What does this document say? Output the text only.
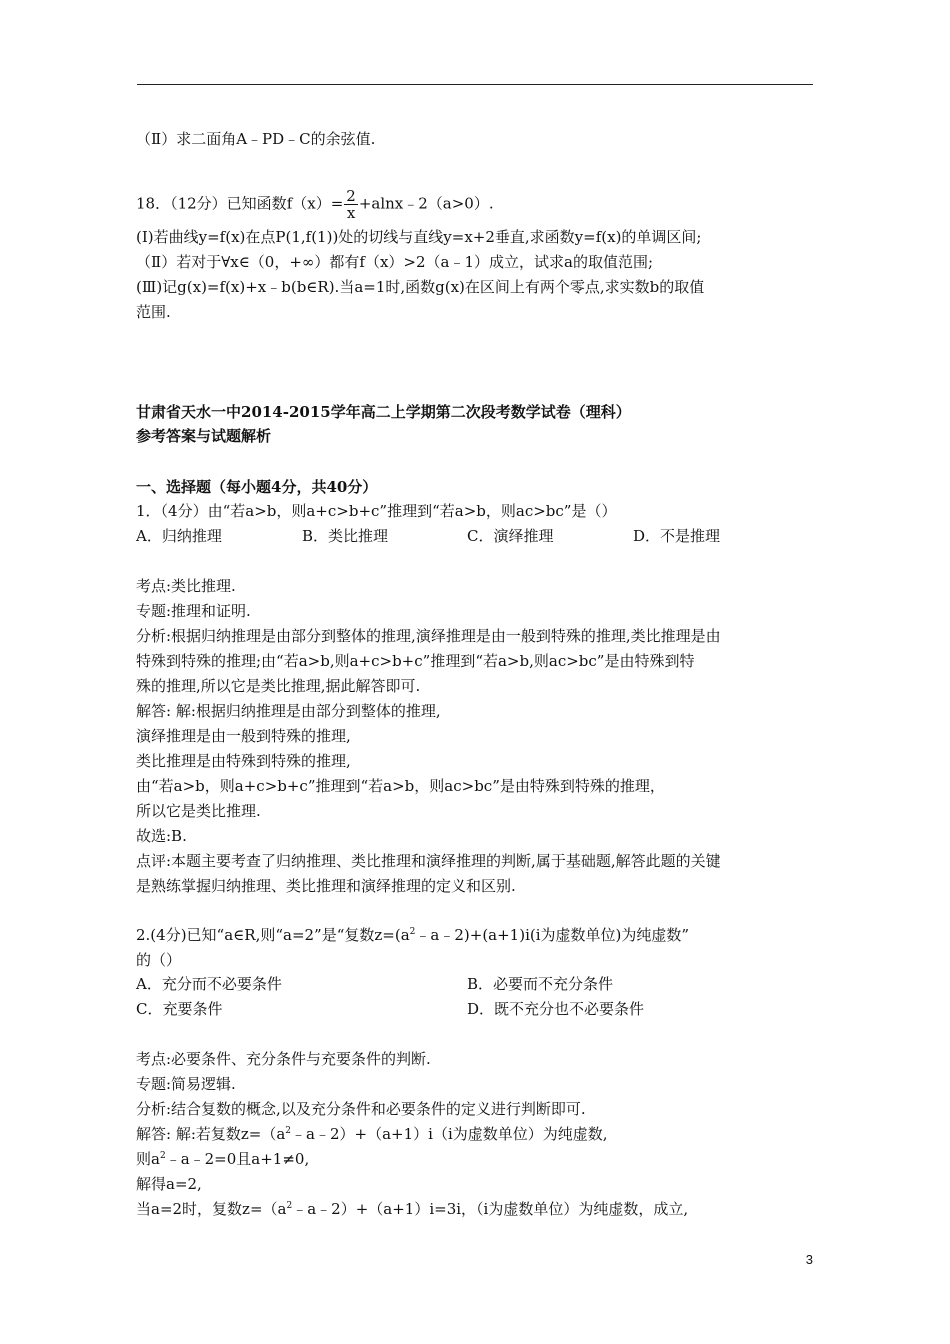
（Ⅱ）求二面角A﹣PD﹣C的余弦值.
18．（12分）已知函数$f(x)= \frac{2}{x}$ +alnx﹣2（a>0）.
(Ⅰ)若曲线y=f(x)在点P(1,f(1))处的切线与直线y=x+2垂直,求函数y=f(x)的单调区间;
（Ⅱ）若对于∀x∈（0，+∞）都有f（x）>2（a﹣1）成立，试求a的取值范围;
(Ⅲ)记g(x)=f(x)+x﹣b(b∈R).当a=1时,函数g(x)在区间上有两个零点,求实数b的取值
范围.
甘肃省天水一中2014-2015学年高二上学期第二次段考数学试卷（理科）
参考答案与试题解析
一、选择题（每小题4分，共40分）
1．（4分）由“若a>b，则a+c>b+c”推理到“若a>b，则ac>bc”是（）
A．归纳推理	B．类比推理	C．演绎推理	D．不是推理
考点:类比推理.
专题:推理和证明.
分析:根据归纳推理是由部分到整体的推理,演绎推理是由一般到特殊的推理,类比推理是由
特殊到特殊的推理;由“若a>b,则a+c>b+c”推理到“若a>b,则ac>bc”是由特殊到特
殊的推理,所以它是类比推理,据此解答即可.
解答: 解:根据归纳推理是由部分到整体的推理,
演绎推理是由一般到特殊的推理,
类比推理是由特殊到特殊的推理,
由“若a>b，则a+c>b+c”推理到“若a>b，则ac>bc”是由特殊到特殊的推理，
所以它是类比推理.
故选:B.
点评:本题主要考查了归纳推理、类比推理和演绎推理的判断,属于基础题,解答此题的关键
是熟练掌握归纳推理、类比推理和演绎推理的定义和区别.
2.(4分)已知“a∈R,则“a=2”是“复数$z=(a^2﹣a﹣2)+(a+1)i(i$为虚数单位)为纯虚数”
的（）
A．充分而不必要条件	B．必要而不充分条件
C．充要条件	D．既不充分也不必要条件
考点:必要条件、充分条件与充要条件的判断.
专题:简易逻辑.
分析:结合复数的概念,以及充分条件和必要条件的定义进行判断即可.
解答: 解:若复数$z=(a^2﹣a﹣2)+(a+1)i(i$为虚数单位）为纯虚数,
则$a^2﹣a﹣2=0$且a+1≠0,
解得a=2,
当a=2时，复数$z=(a^2﹣a﹣2)+(a+1)i=3i$，（i为虚数单位）为纯虚数，成立,
3
